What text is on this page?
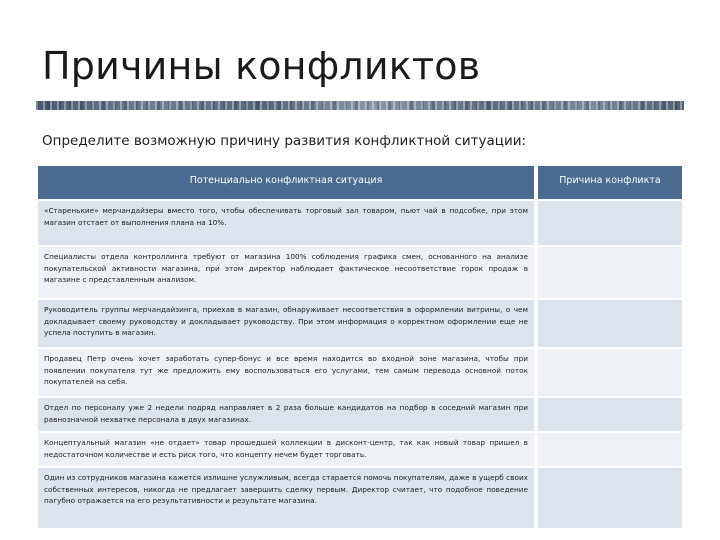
Причины конфликтов
Определите возможную причину развития конфликтной ситуации:
Потенциально конфликтная ситуация		Причина конфликта
«Старенькие» мерчандайзеры вместо того, чтобы обеспечивать торговый зал товаром, пьют чай в подсобке, при этом магазин отстает от выполнения плана на 10%.		
Специалисты отдела контроллинга требуют от магазина 100% соблюдения графика смен, основанного на анализе покупательской активности магазина, при этом директор наблюдает фактическое несоответствие горок продаж в магазине с представленным анализом.		
Руководитель группы мерчандайзинга, приехав в магазин, обнаруживает несоответствия в оформлении витрины, о чем докладывает своему руководству и докладывает руководству. При этом информация о корректном оформлении еще не успела поступить в магазин.		
Продавец Петр очень хочет заработать супер-бонус и все время находится во входной зоне магазина, чтобы при появлении покупателя тут же предложить ему воспользоваться его услугами, тем самым перевода основной поток покупателей на себя.		
Отдел по персоналу уже 2 недели подряд направляет в 2 раза больше кандидатов на подбор в соседний магазин при равнозначной нехватке персонала в двух магазинах.		
Концептуальный магазин «не отдает» товар прошедшей коллекции в дисконт-центр, так как новый товар пришел в недостаточном количестве и есть риск того, что концепту нечем будет торговать.		
Один из сотрудников магазина кажется излишне услужливым, всегда старается помочь покупателям, даже в ущерб своих собственных интересов, никогда не предлагает завершить сделку первым. Директор считает, что подобное поведение пагубно отражается на его результативности и результате магазина.		
